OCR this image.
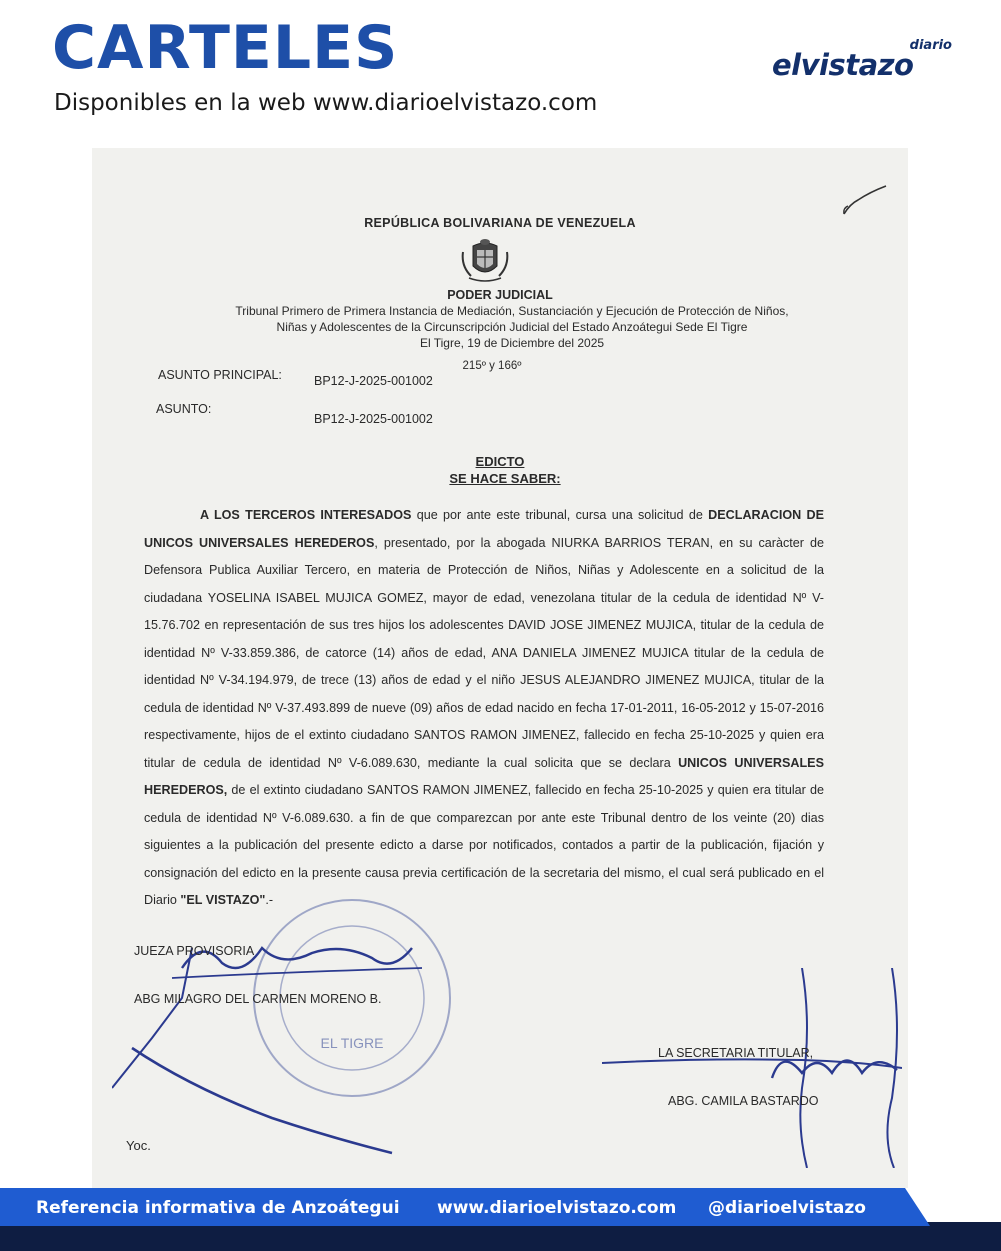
CARTELES
Disponibles en la web www.diarioelvistazo.com
diario
elvistazo
REPÚBLICA BOLIVARIANA DE VENEZUELA
PODER JUDICIAL
Tribunal Primero de Primera Instancia de Mediación, Sustanciación y Ejecución de Protección de Niños,
Niñas y Adolescentes de la Circunscripción Judicial del Estado Anzoátegui Sede El Tigre
El Tigre, 19 de Diciembre del 2025
215º y 166º
ASUNTO PRINCIPAL:	BP12-J-2025-001002
ASUNTO:
BP12-J-2025-001002
EDICTO
SE HACE SABER:
A LOS TERCEROS INTERESADOS que por ante este tribunal, cursa una solicitud de DECLARACION DE UNICOS UNIVERSALES HEREDEROS, presentado, por la abogada NIURKA BARRIOS TERAN, en su caràcter de Defensora Publica Auxiliar Tercero, en materia de Protección de Niños, Niñas y Adolescente en a solicitud de la ciudadana YOSELINA ISABEL MUJICA GOMEZ, mayor de edad, venezolana titular de la cedula de identidad Nº V-15.76.702 en representación de sus tres hijos los adolescentes DAVID JOSE JIMENEZ MUJICA, titular de la cedula de identidad Nº V-33.859.386, de catorce (14) años de edad, ANA DANIELA JIMENEZ MUJICA titular de la cedula de identidad Nº V-34.194.979, de trece (13) años de edad y el niño JESUS ALEJANDRO JIMENEZ MUJICA, titular de la cedula de identidad Nº V-37.493.899 de nueve (09) años de edad nacido en fecha 17-01-2011, 16-05-2012 y 15-07-2016 respectivamente, hijos de el extinto ciudadano SANTOS RAMON JIMENEZ, fallecido en fecha 25-10-2025 y quien era titular de cedula de identidad Nº V-6.089.630, mediante la cual solicita que se declara UNICOS UNIVERSALES HEREDEROS, de el extinto ciudadano SANTOS RAMON JIMENEZ, fallecido en fecha 25-10-2025 y quien era titular de cedula de identidad Nº V-6.089.630. a fin de que comparezcan por ante este Tribunal dentro de los veinte (20) dias siguientes a la publicación del presente edicto a darse por notificados, contados a partir de la publicación, fijación y consignación del edicto en la presente causa previa certificación de la secretaria del mismo, el cual será publicado en el Diario "EL VISTAZO".-
EL TIGRE
JUEZA PROVISORIA
ABG MILAGRO DEL CARMEN MORENO B.
LA SECRETARIA TITULAR,
ABG. CAMILA BASTARDO
Yoc.
Referencia informativa de Anzoátegui www.diarioelvistazo.com @diarioelvistazo
